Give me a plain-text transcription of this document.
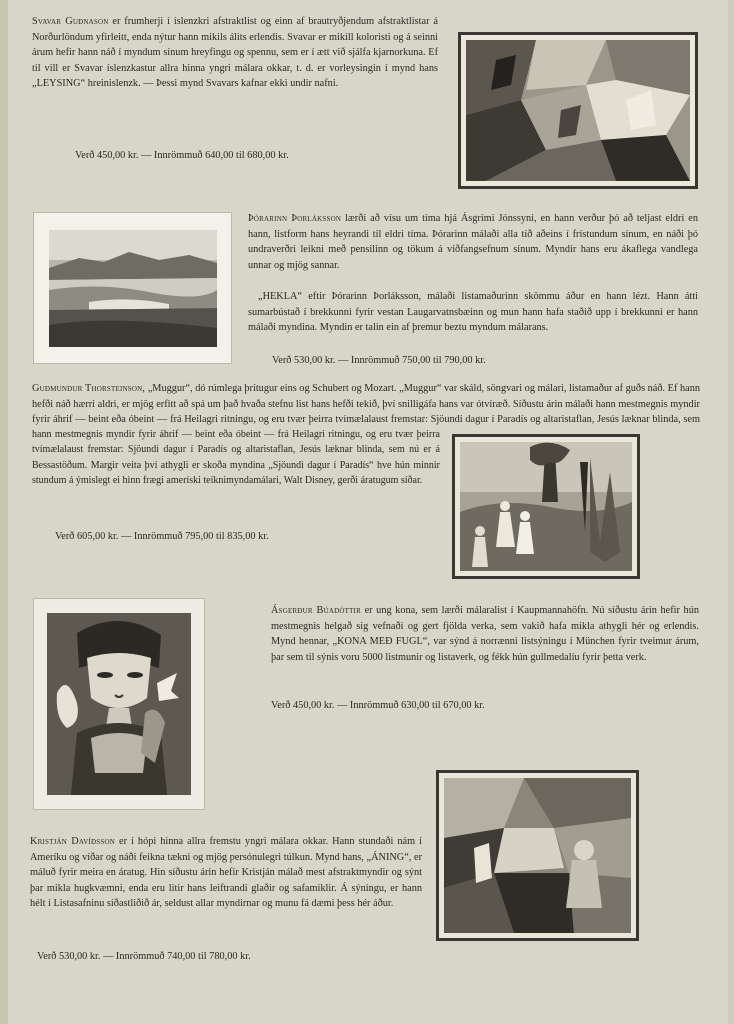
Svavar Guðnason er frumherji í íslenzkri afstraktlist og einn af brautryðjendum afstraktlistar á Norðurlöndum yfirleitt, enda nýtur hann mikils álits erlendis. Svavar er mikill koloristi og á seinni árum hefir hann náð í myndum sínum hreyfingu og spennu, sem er í ætt við sjálfa kjarnorkuna. Ef til vill er Svavar íslenzkastur allra hinna yngri málara okkar, t. d. er vorleysingin í mynd hans „LEYSING“ hreinislenzk. — Þessi mynd Svavars kafnar ekki undir nafni.

Verð 450,00 kr. — Innrömmuð 640,00 til 680,00 kr.

Þórarinn Þorláksson lærði að vísu um tíma hjá Ásgrími Jónssyni, en hann verður þó að teljast eldri en hann, listform hans heyrandi til eldri tíma. Þórarinn málaði alla tíð aðeins í frístundum sínum, en náði þó undraverðri leikni með pensilinn og tökum á viðfangsefnum sínum. Myndir hans eru ákaflega vandlega unnar og mjög sannar.

„HEKLA“ eftir Þórarinn Þorláksson, málaði listamaðurinn skömmu áður en hann lézt. Hann átti sumarbústað í brekkunni fyrir vestan Laugarvatnsbæinn og mun hann hafa staðið upp í brekkunni er hann málaði myndina. Myndin er talin ein af þremur beztu myndum málarans.

Verð 530,00 kr. — Innrömmuð 750,00 til 790,00 kr.

Guðmundur Thorsteinson, „Muggur“, dó rúmlega þrítugur eins og Schubert og Mozart. „Muggur“ var skáld, söngvari og málari, listamaður af guðs náð. Ef hann hefði náð hærri aldri, er mjög erfitt að spá um það hvaða stefnu list hans hefði tekið, því snilligáfa hans var ótvíræð. Síðustu árin málaði hann mestmegnis myndir fyrir áhrif — beint eða óbeint — frá Heilagri ritningu, og eru tvær þeirra tvímælalaust fremstar: Sjöundi dagur í Paradís og altaristaflan, Jesús læknar blinda, sem

hann mestmegnis myndir fyrir áhrif — beint eða óbeint — frá Heilagri ritningu, og eru tvær þeirra tvímælalaust fremstar: Sjöundi dagur í Paradís og altaristaflan, Jesús læknar blinda, sem nú er á Bessastöðum. Margir veita því athygli er skoða myndina „Sjöundi dagur í Paradís“ hve hún minnir stundum á ýmislegt ei hinn frægi ameríski teiknimyndamálari, Walt Disney, gerði áratugum síðar.

Verð 605,00 kr. — Innrömmuð 795,00 til 835,00 kr.

Ásgerður Búadóttir er ung kona, sem lærði málaralist í Kaupmannahöfn. Nú síðustu árin hefir hún mestmegnis helgað sig vefnaði og gert fjölda verka, sem vakið hafa mikla athygli hér og erlendis. Mynd hennar, „KONA MEÐ FUGL“, var sýnd á norrænni listsýningu í München fyrir tveimur árum, þar sem til sýnis voru 5000 listmunir og listaverk, og fékk hún gullmedalíu fyrir þetta verk.

Verð 450,00 kr. — Innrömmuð 630,00 til 670,00 kr.

Kristján Davíðsson er í hópi hinna allra fremstu yngri málara okkar. Hann stundaði nám í Ameríku og víðar og náði feikna tækni og mjög persónulegri túlkun. Mynd hans, „ÁNING“, er máluð fyrir meira en áratug. Hin síðustu árin hefir Kristján málað mest afstraktmyndir og sýnt þar mikla hugkvæmni, enda eru litir hans leiftrandi glaðir og safamiklir. Á sýningu, er hann hélt í Listasafninu síðastliðið ár, seldust allar myndirnar og munu fá dæmi þess hér áður.

Verð 530,00 kr. — Innrömmuð 740,00 til 780,00 kr.
